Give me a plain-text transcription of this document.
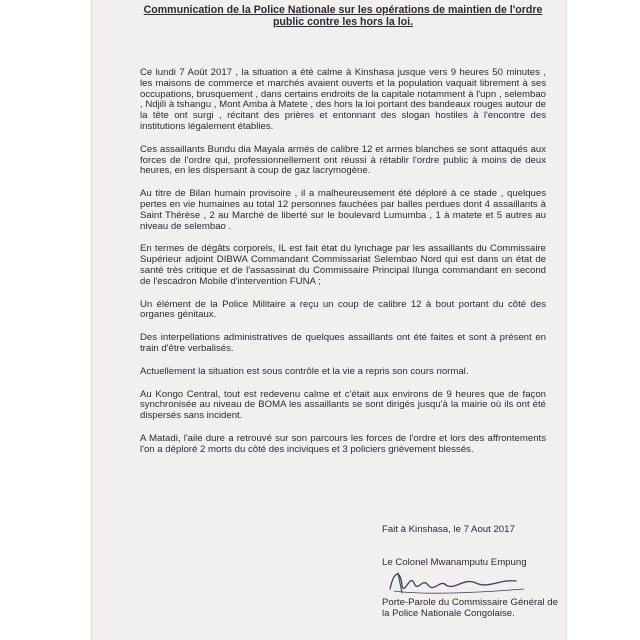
Communication de la Police Nationale sur les opérations de maintien de l'ordre public contre les hors la loi.

Ce lundi 7 Août 2017 , la situation a été calme à Kinshasa jusque vers 9 heures 50 minutes , les maisons de commerce et marchés avaient ouverts et la population vaquait librement à ses occupations, brusquement , dans certains endroits de la capitale notamment à l'upn , selembao , Ndjili à tshangu , Mont Amba à Matete , des hors la loi portant des bandeaux rouges autour de la tête ont surgi , récitant des prières et entonnant des slogan hostiles à l'encontre des institutions légalement établies.

Ces assaillants Bundu dia Mayala armés de calibre 12 et armes blanches se sont attaqués aux forces de l'ordre qui, professionnellement ont réussi à rétablir l'ordre public à moins de deux heures, en les dispersant à coup de gaz lacrymogène.

Au titre de Bilan humain provisoire , il a malheureusement été déploré à ce stade , quelques pertes en vie humaines au total 12 personnes fauchées par balles perdues dont 4 assaillants à Saint Thérèse , 2 au Marché de liberté sur le boulevard Lumumba , 1 à matete et 5 autres au niveau de selembao .

En termes de dégâts corporels, IL est fait état du lynchage par les assaillants du Commissaire Supérieur adjoint DIBWA Commandant Commissariat Selembao Nord qui est dans un état de santé très critique et de l'assassinat du Commissaire Principal Ilunga commandant en second de l'escadron Mobile d'intervention FUNA ;

Un élément de la Police Militaire a reçu un coup de calibre 12 à bout portant du côté des organes génitaux.

Des interpellations administratives de quelques assaillants ont été faites et sont à présent en train d'être verbalisés.

Actuellement la situation est sous contrôle et la vie a repris son cours normal.

Au Kongo Central, tout est redevenu calme et c'était aux environs de 9 heures que de façon synchronisée au niveau de BOMA les assaillants se sont dirigés jusqu'à la mairie où ils ont été dispersés sans incident.

A Matadi, l'aile dure a retrouvé sur son parcours les forces de l'ordre et lors des affrontements l'on a déploré 2 morts du côté des inciviques et 3 policiers grièvement blessés.

Fait à Kinshasa, le 7 Aout 2017
Le Colonel Mwanamputu Empung
Porte-Parole du Commissaire Général de
la Police Nationale Congolaise.
